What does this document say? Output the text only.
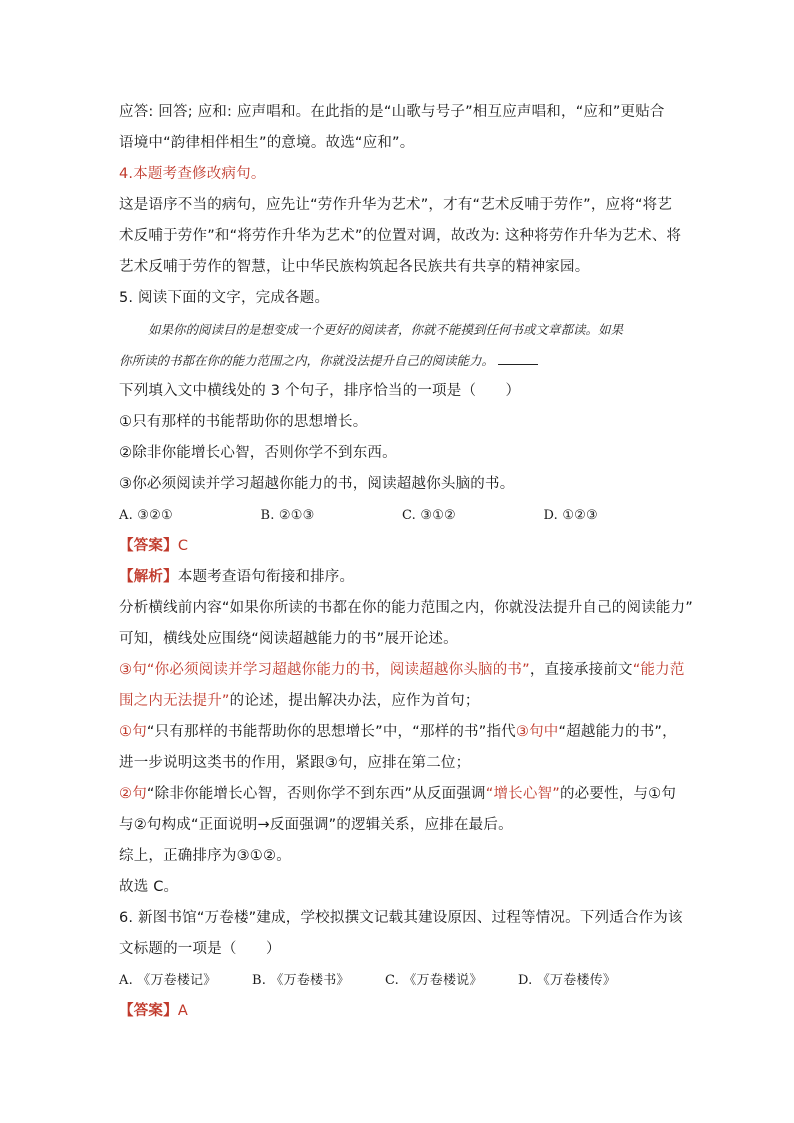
应答: 回答; 应和: 应声唱和。在此指的是“山歌与号子”相互应声唱和，“应和”更贴合
语境中“韵律相伴相生”的意境。故选“应和”。
4.本题考查修改病句。
这是语序不当的病句，应先让“劳作升华为艺术”，才有“艺术反哺于劳作”，应将“将艺
术反哺于劳作”和“将劳作升华为艺术”的位置对调，故改为: 这种将劳作升华为艺术、将
艺术反哺于劳作的智慧，让中华民族构筑起各民族共有共享的精神家园。
5. 阅读下面的文字，完成各题。
如果你的阅读目的是想变成一个更好的阅读者，你就不能摸到任何书或文章都读。如果
你所读的书都在你的能力范围之内，你就没法提升自己的阅读能力。
下列填入文中横线处的 3 个句子，排序恰当的一项是（　　）
①只有那样的书能帮助你的思想增长。
②除非你能增长心智，否则你学不到东西。
③你必须阅读并学习超越你能力的书，阅读超越你头脑的书。
A. ③②①	B. ②①③	C. ③①②	D. ①②③
【答案】C
【解析】本题考查语句衔接和排序。
分析横线前内容“如果你所读的书都在你的能力范围之内，你就没法提升自己的阅读能力”
可知，横线处应围绕“阅读超越能力的书”展开论述。
③句“你必须阅读并学习超越你能力的书，阅读超越你头脑的书”，直接承接前文“能力范
围之内无法提升”的论述，提出解决办法，应作为首句；
①句“只有那样的书能帮助你的思想增长”中，“那样的书”指代③句中“超越能力的书”，
进一步说明这类书的作用，紧跟③句，应排在第二位；
②句“除非你能增长心智，否则你学不到东西”从反面强调“增长心智”的必要性，与①句
与②句构成“正面说明→反面强调”的逻辑关系，应排在最后。
综上，正确排序为③①②。
故选 C。
6. 新图书馆“万卷楼”建成，学校拟撰文记载其建设原因、过程等情况。下列适合作为该
文标题的一项是（　　）
A. 《万卷楼记》	B. 《万卷楼书》	C. 《万卷楼说》	D. 《万卷楼传》
【答案】A
